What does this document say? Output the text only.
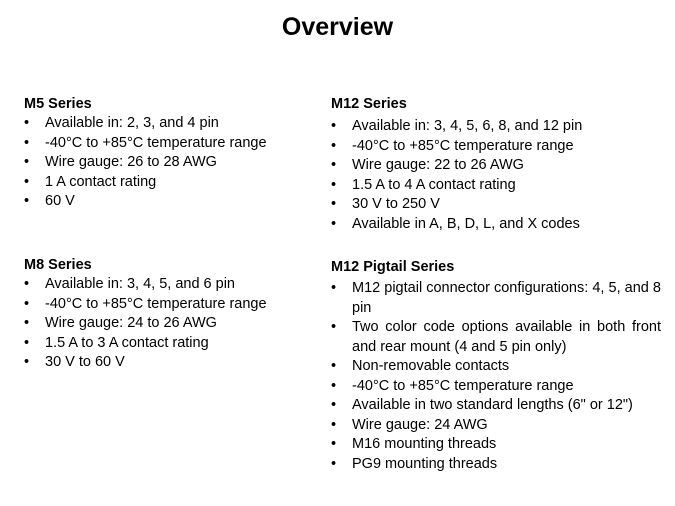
Overview
M5 Series
• Available in: 2, 3, and 4 pin
• -40°C to +85°C temperature range
• Wire gauge: 26 to 28 AWG
• 1 A contact rating
• 60 V
M8 Series
• Available in: 3, 4, 5, and 6 pin
• -40°C to +85°C temperature range
• Wire gauge: 24 to 26 AWG
• 1.5 A to 3 A contact rating
• 30 V to 60 V
M12 Series
• Available in: 3, 4, 5, 6, 8, and 12 pin
• -40°C to +85°C temperature range
• Wire gauge: 22 to 26 AWG
• 1.5 A to 4 A contact rating
• 30 V to 250 V
• Available in A, B, D, L, and X codes
M12 Pigtail Series
• M12 pigtail connector configurations: 4, 5, and 8 pin
• Two color code options available in both front and rear mount (4 and 5 pin only)
• Non-removable contacts
• -40°C to +85°C temperature range
• Available in two standard lengths (6" or 12")
• Wire gauge: 24 AWG
• M16 mounting threads
• PG9 mounting threads
